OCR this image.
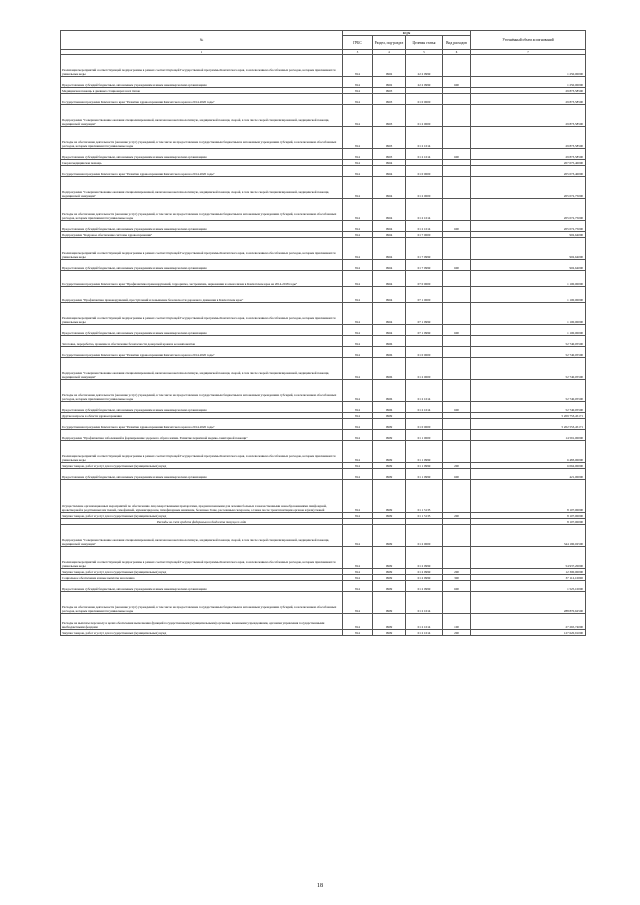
№	коды				Уточнённый объем ассигнований
	ГРБС	Раздел, под-раздел	Целевая статья	Вид расходов	
1	3	4	5	6	7
Реализация мероприятий соответствующей подпрограммы в рамках соответствующей Государственной программы Камчатского края, за исключением обособленных расходов, которым присваиваются уникальные коды	814	0902	22 2 0999		1 250,00000
Предоставление субсидий бюджетным, автономным учреждениям и иным некоммерческим организациям	814	0902	22 2 0999	600	1 250,00000
Медицинская помощь в дневных стационарах всех типов	814	0903			29 873,58500
Государственная программа Камчатского края "Развитие здравоохранения Камчатского края на 2014-2020 годы"	814	0903	01 0 0000		29 873,58500
Подпрограмма "Совершенствование оказания специализированной, включая высокотехнологичную, медицинской помощи, скорой, в том числе скорой специализированной, медицинской помощи, медицинской эвакуации"	814	0903	01 2 0000		29 873,58500
Расходы на обеспечение деятельности (оказание услуг) учреждений, в том числе на предоставление государственным бюджетным и автономным учреждениям субсидий, за исключением обособленных расходов, которым присваиваются уникальные коды	814	0903	01 2 1014		29 873,58500
Предоставление субсидий бюджетным, автономным учреждениям и иным некоммерческим организациям	814	0903	01 2 1014	600	29 873,58500
Скорая медицинская помощь	814	0904			207 075,40000
Государственная программа Камчатского края "Развитие здравоохранения Камчатского края на 2014-2020 годы"	814	0904	01 0 0000		205 073,40000
Подпрограмма "Совершенствование оказания специализированной, включая высокотехнологичную, медицинской помощи, скорой, в том числе скорой специализированной, медицинской помощи, медицинской эвакуации"	814	0904	01 2 0000		205 072,75000
Расходы на обеспечение деятельности (оказание услуг) учреждений, в том числе на предоставление государственным бюджетным и автономным учреждениям субсидий, за исключением обособленных расходов, которым присваиваются уникальные коды	814	0904	01 2 1014		205 072,75000
Предоставление субсидий бюджетным, автономным учреждениям и иным некоммерческим организациям	814	0904	01 2 1014	600	205 072,75000
Подпрограмма "Кадровое обеспечение системы здравоохранения"	814	0904	01 7 0000		902,64000
Реализация мероприятий соответствующей подпрограммы в рамках соответствующей Государственной программы Камчатского края, за исключением обособленных расходов, которым присваиваются уникальные коды	814	0904	01 7 0999		902,64000
Предоставление субсидий бюджетным, автономным учреждениям и иным некоммерческим организациям	814	0904	01 7 0999	600	902,64000
Государственная программа Камчатского края "Профилактика правонарушений, терроризма, экстремизма, наркомании и алкоголизма в Камчатском крае на 2014-2018 годы"	814	0904	07 0 0000		1 100,00000
Подпрограмма "Профилактика правонарушений, преступлений и повышение безопасности дорожного движения в Камчатском крае"	814	0904	07 1 0000		1 100,00000
Реализация мероприятий соответствующей подпрограммы в рамках соответствующей Государственной программы Камчатского края, за исключением обособленных расходов, которым присваиваются уникальные коды	814	0904	07 1 0999		1 100,00000
Предоставление субсидий бюджетным, автономным учреждениям и иным некоммерческим организациям	814	0904	07 1 0999	600	1 100,00000
Заготовка, переработка, хранение и обеспечение безопасности донорской крови и ее компонентов	814	0906			52 740,05500
Государственная программа Камчатского края "Развитие здравоохранения Камчатского края на 2014-2020 годы"	814	0906	01 0 0000		52 740,05500
Подпрограмма "Совершенствование оказания специализированной, включая высокотехнологичную, медицинской помощи, скорой, в том числе скорой специализированной, медицинской помощи, медицинской эвакуации"	814	0906	01 2 0000		52 740,05500
Расходы на обеспечение деятельности (оказание услуг) учреждений, в том числе на предоставление государственным бюджетным и автономным учреждениям субсидий, за исключением обособленных расходов, которым присваиваются уникальные коды	814	0906	01 2 1014		52 740,05500
Предоставление субсидий бюджетным, автономным учреждениям и иным некоммерческим организациям	814	0906	01 2 1014	600	52 740,05500
Другие вопросы в области здравоохранения	814	0909			5 209 753,45171
Государственная программа Камчатского края "Развитие здравоохранения Камчатского края на 2014-2020 годы"	814	0909	01 0 0000		5 202 553,45171
Подпрограмма "Профилактика заболеваний и формирование здорового образа жизни. Развитие первичной медико-санитарной помощи"	814	0909	01 1 0000		14 591,00000
Реализация мероприятий соответствующей подпрограммы в рамках соответствующей Государственной программы Камчатского края, за исключением обособленных расходов, которым присваиваются уникальные коды	814	0909	01 1 0999		6 483,00000
Закупка товаров, работ и услуг для государственных (муниципальных) нужд	814	0909	01 1 0999	200	6 062,00000
Предоставление субсидий бюджетным, автономным учреждениям и иным некоммерческим организациям	814	0909	01 1 0999	600	421,00000
Осуществление организационных мероприятий по обеспечению лиц лекарственными препаратами, предназначенными для лечения больных злокачественными новообразованиями лимфоидной, кроветворной и родственных им тканей, гемофилией, муковисцидозом, гипофизарным нанизмом, болезнью Гоше, рассеянным склерозом, а также после трансплантации органов и (или) тканей	814	0909	01 1 5135		8 107,00000
Закупка товаров, работ и услуг для государственных (муниципальных) нужд	814	0909	01 1 5135	200	8 107,00000
Расходы за счет средств федерального бюджета текущего года					8 107,00000
Подпрограмма "Совершенствование оказания специализированной, включая высокотехнологичную, медицинской помощи, скорой, в том числе скорой специализированной, медицинской помощи, медицинской эвакуации"	814	0909	01 2 0000		344 190,02500
Реализация мероприятий соответствующей подпрограммы в рамках соответствующей Государственной программы Камчатского края, за исключением обособленных расходов, которым присваиваются уникальные коды	814	0909	01 2 0999		54 937,20000
Закупка товаров, работ и услуг для государственных (муниципальных) нужд	814	0909	01 2 0999	200	12 300,00000
Социальное обеспечение и иные выплаты населению	814	0909	01 2 0999	300	37 112,10000
Предоставление субсидий бюджетным, автономным учреждениям и иным некоммерческим организациям	814	0909	01 2 0999	600	1 525,10000
Расходы на обеспечение деятельности (оказание услуг) учреждений, в том числе на предоставление государственным бюджетным и автономным учреждениям субсидий, за исключением обособленных расходов, которым присваиваются уникальные коды	814	0909	01 2 1014		288 870,62500
Расходы на выплаты персоналу в целях обеспечения выполнения функций государственными (муниципальными) органами, казенными учреждениями, органами управления государственными внебюджетными фондами	814	0909	01 2 1014	100	27 265,74000
Закупка товаров, работ и услуг для государственных (муниципальных) нужд	814	0909	01 2 1014	200	127 620,91000
18
